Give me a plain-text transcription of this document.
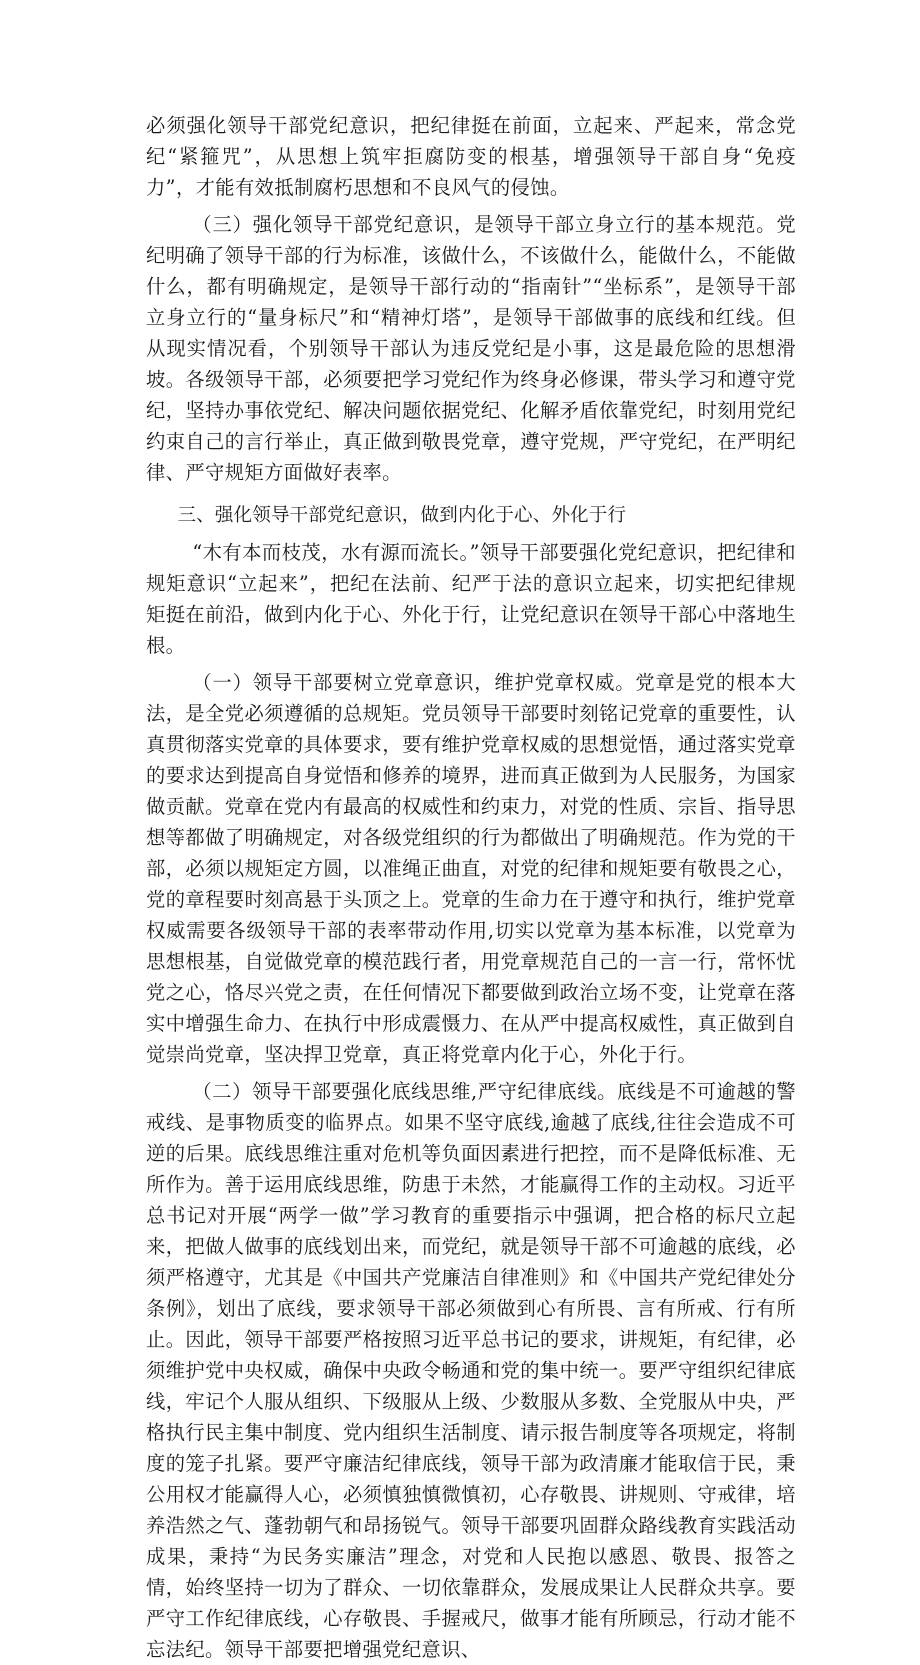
必须强化领导干部党纪意识，把纪律挺在前面，立起来、严起来，常念党纪“紧箍咒”，从思想上筑牢拒腐防变的根基，增强领导干部自身“免疫力”，才能有效抵制腐朽思想和不良风气的侵蚀。

（三）强化领导干部党纪意识，是领导干部立身立行的基本规范。党纪明确了领导干部的行为标准，该做什么，不该做什么，能做什么，不能做什么，都有明确规定，是领导干部行动的“指南针”“坐标系”，是领导干部立身立行的“量身标尺”和“精神灯塔”，是领导干部做事的底线和红线。但从现实情况看，个别领导干部认为违反党纪是小事，这是最危险的思想滑坡。各级领导干部，必须要把学习党纪作为终身必修课，带头学习和遵守党纪，坚持办事依党纪、解决问题依据党纪、化解矛盾依靠党纪，时刻用党纪约束自己的言行举止，真正做到敬畏党章，遵守党规，严守党纪，在严明纪律、严守规矩方面做好表率。

三、强化领导干部党纪意识，做到内化于心、外化于行

“木有本而枝茂，水有源而流长。”领导干部要强化党纪意识，把纪律和规矩意识“立起来”，把纪在法前、纪严于法的意识立起来，切实把纪律规矩挺在前沿，做到内化于心、外化于行，让党纪意识在领导干部心中落地生根。

（一）领导干部要树立党章意识，维护党章权威。党章是党的根本大法，是全党必须遵循的总规矩。党员领导干部要时刻铭记党章的重要性，认真贯彻落实党章的具体要求，要有维护党章权威的思想觉悟，通过落实党章的要求达到提高自身觉悟和修养的境界，进而真正做到为人民服务，为国家做贡献。党章在党内有最高的权威性和约束力，对党的性质、宗旨、指导思想等都做了明确规定，对各级党组织的行为都做出了明确规范。作为党的干部，必须以规矩定方圆，以准绳正曲直，对党的纪律和规矩要有敬畏之心，党的章程要时刻高悬于头顶之上。党章的生命力在于遵守和执行，维护党章权威需要各级领导干部的表率带动作用,切实以党章为基本标准，以党章为思想根基，自觉做党章的模范践行者，用党章规范自己的一言一行，常怀忧党之心，恪尽兴党之责，在任何情况下都要做到政治立场不变，让党章在落实中增强生命力、在执行中形成震慑力、在从严中提高权威性，真正做到自觉崇尚党章，坚决捍卫党章，真正将党章内化于心，外化于行。

（二）领导干部要强化底线思维,严守纪律底线。底线是不可逾越的警戒线、是事物质变的临界点。如果不坚守底线,逾越了底线,往往会造成不可逆的后果。底线思维注重对危机等负面因素进行把控，而不是降低标准、无所作为。善于运用底线思维，防患于未然，才能赢得工作的主动权。习近平总书记对开展“两学一做”学习教育的重要指示中强调，把合格的标尺立起来，把做人做事的底线划出来，而党纪，就是领导干部不可逾越的底线，必须严格遵守，尤其是《中国共产党廉洁自律准则》和《中国共产党纪律处分条例》，划出了底线，要求领导干部必须做到心有所畏、言有所戒、行有所止。因此，领导干部要严格按照习近平总书记的要求，讲规矩，有纪律，必须维护党中央权威，确保中央政令畅通和党的集中统一。要严守组织纪律底线，牢记个人服从组织、下级服从上级、少数服从多数、全党服从中央，严格执行民主集中制度、党内组织生活制度、请示报告制度等各项规定，将制度的笼子扎紧。要严守廉洁纪律底线，领导干部为政清廉才能取信于民，秉公用权才能赢得人心，必须慎独慎微慎初，心存敬畏、讲规则、守戒律，培养浩然之气、蓬勃朝气和昂扬锐气。领导干部要巩固群众路线教育实践活动成果，秉持“为民务实廉洁”理念，对党和人民抱以感恩、敬畏、报答之情，始终坚持一切为了群众、一切依靠群众，发展成果让人民群众共享。要严守工作纪律底线，心存敬畏、手握戒尺，做事才能有所顾忌，行动才能不忘法纪。领导干部要把增强党纪意识、
